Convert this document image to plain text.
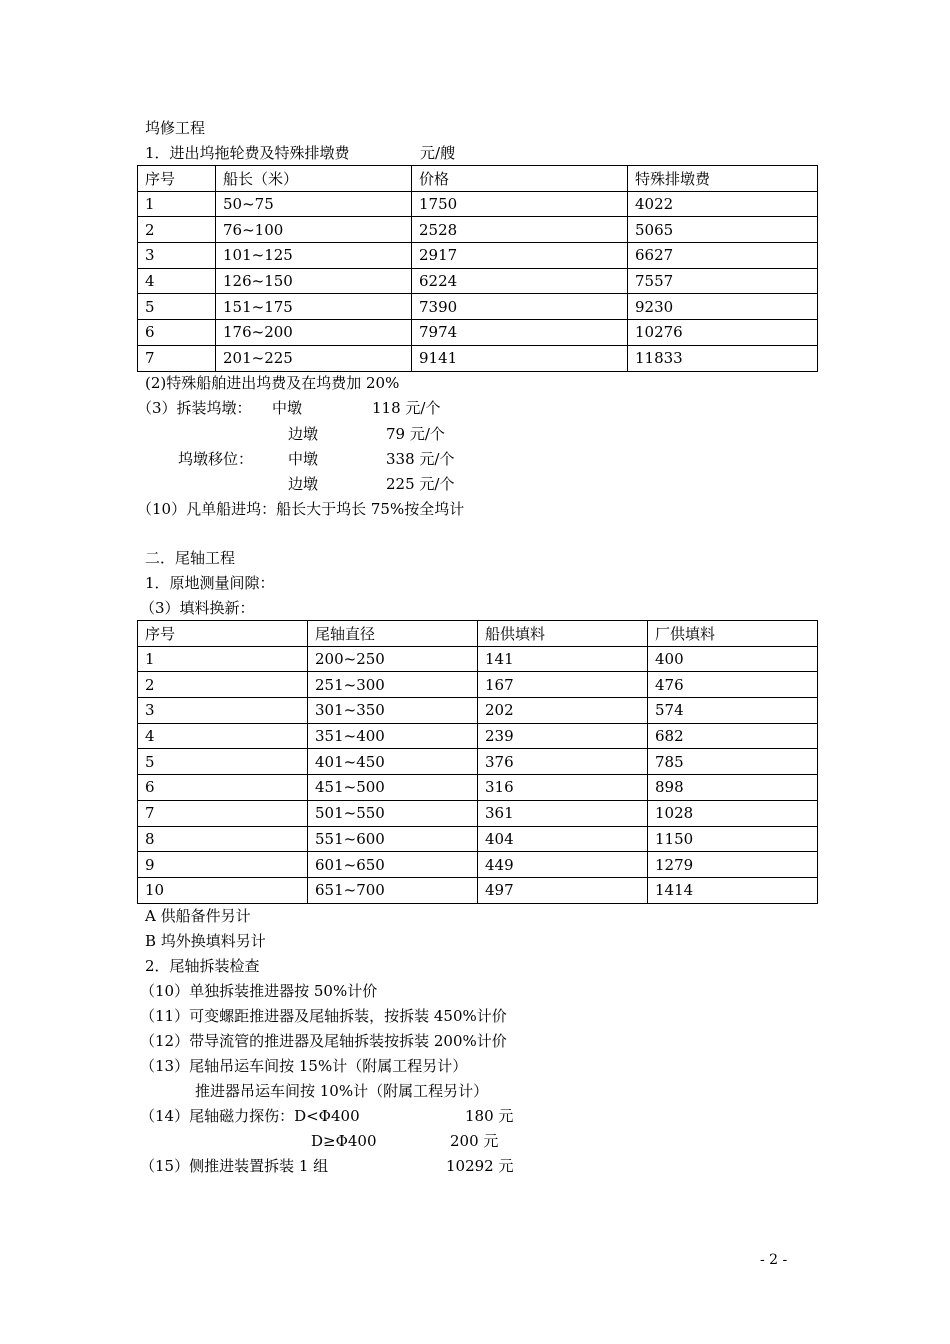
坞修工程
1．进出坞拖轮费及特殊排墩费	元/艘
序号	船长（米）	价格	特殊排墩费
1	50~75	1750	4022
2	76~100	2528	5065
3	101~125	2917	6627
4	126~150	6224	7557
5	151~175	7390	9230
6	176~200	7974	10276
7	201~225	9141	11833
(2)特殊船舶进出坞费及在坞费加 20%
（3）拆装坞墩： 中墩	118 元/个
边墩	79 元/个
坞墩移位： 中墩	338 元/个
边墩	225 元/个
（10）凡单船进坞：船长大于坞长 75%按全坞计
二．尾轴工程
1．原地测量间隙：
（3）填料换新：
序号	尾轴直径	船供填料	厂供填料
1	200~250	141	400
2	251~300	167	476
3	301~350	202	574
4	351~400	239	682
5	401~450	376	785
6	451~500	316	898
7	501~550	361	1028
8	551~600	404	1150
9	601~650	449	1279
10	651~700	497	1414
A 供船备件另计
B 坞外换填料另计
2．尾轴拆装检查
（10）单独拆装推进器按 50%计价
（11）可变螺距推进器及尾轴拆装，按拆装 450%计价
（12）带导流管的推进器及尾轴拆装按拆装 200%计价
（13）尾轴吊运车间按 15%计（附属工程另计）
推进器吊运车间按 10%计（附属工程另计）
（14）尾轴磁力探伤：D<Φ400	180 元
D≥Φ400	200 元
（15）侧推进装置拆装 1 组	10292 元
- 2 -
